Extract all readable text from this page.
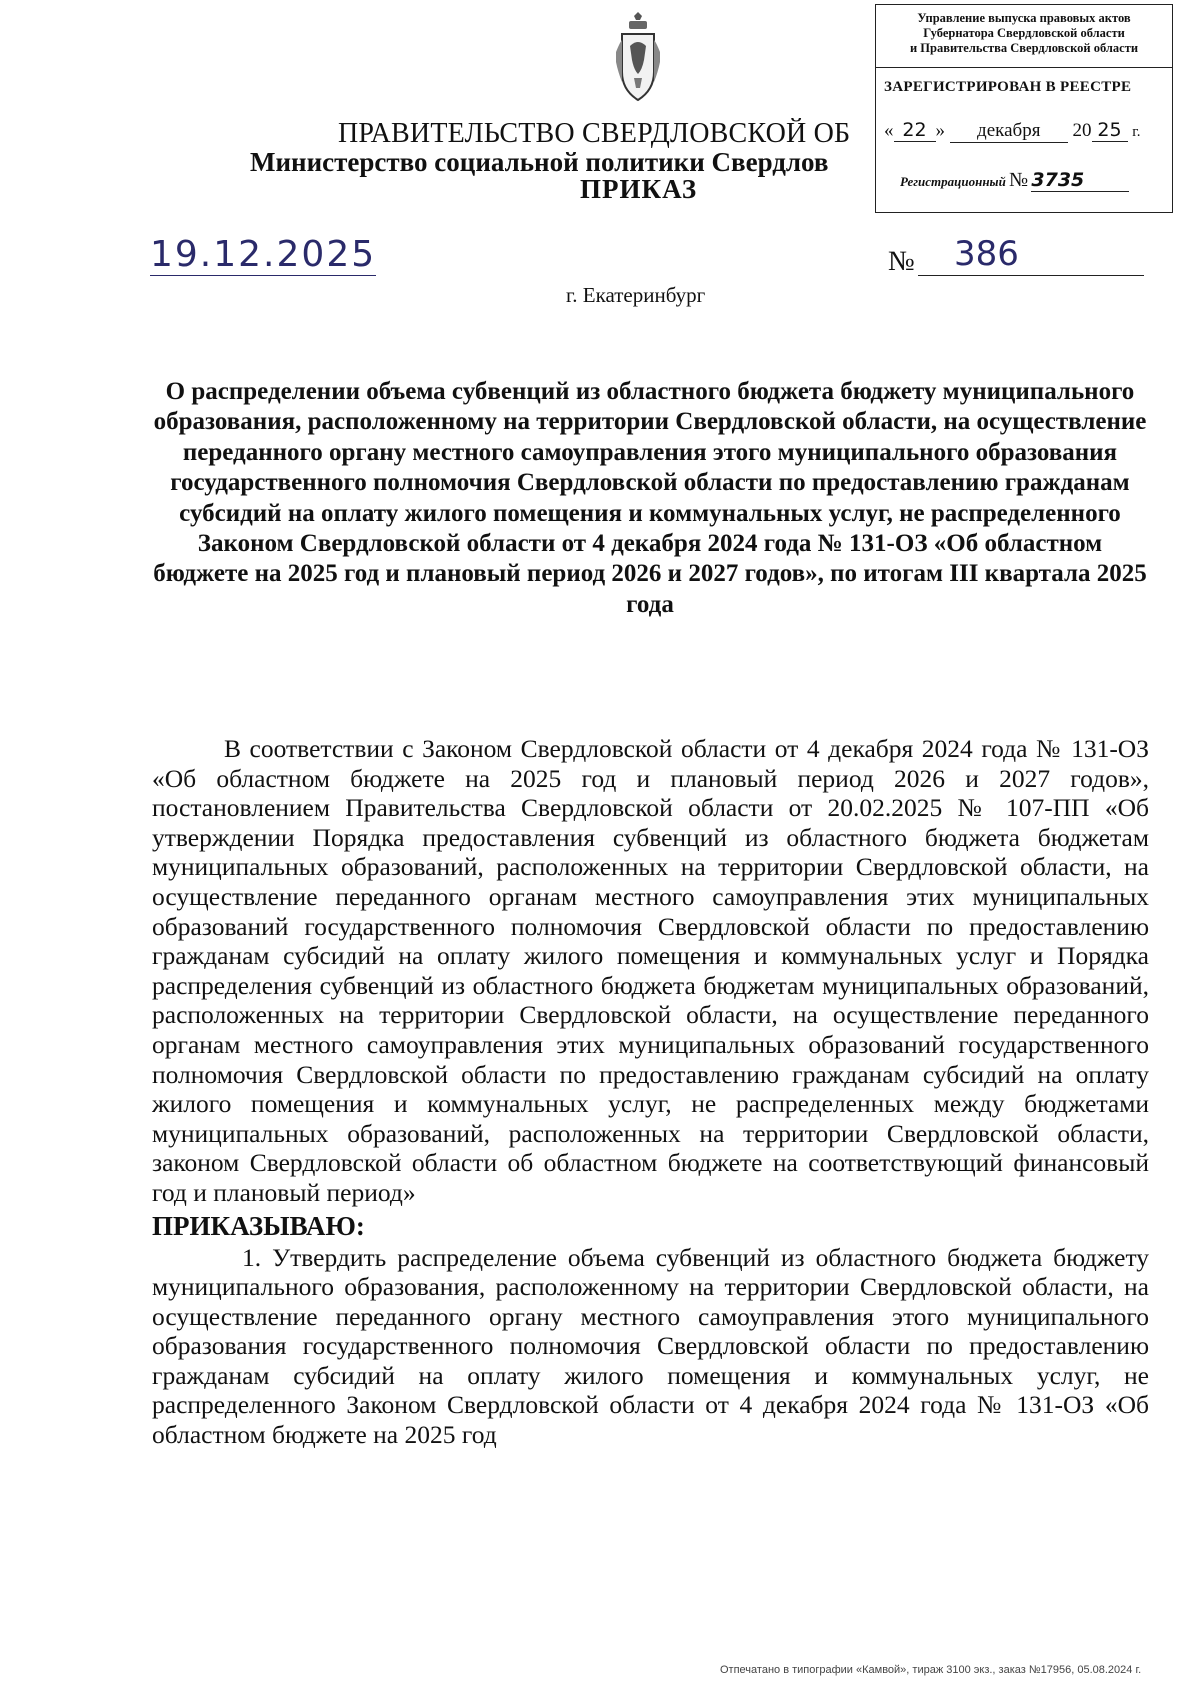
ПРАВИТЕЛЬСТВО СВЕРДЛОВСКОЙ ОБ
Министерство социальной политики Свердлов
ПРИКАЗ
Управление выпуска правовых актов
Губернатора Свердловской области
и Правительства Свердловской области
ЗАРЕГИСТРИРОВАН В РЕЕСТРЕ
« 22 » декабря 20 25 г.
Регистрационный № 3735
19.12.2025	№	386
г. Екатеринбург
О распределении объема субвенций из областного бюджета бюджету муниципального образования, расположенному на территории Свердловской области, на осуществление переданного органу местного самоуправления этого муниципального образования государственного полномочия Свердловской области по предоставлению гражданам субсидий на оплату жилого помещения и коммунальных услуг, не распределенного Законом Свердловской области от 4 декабря 2024 года № 131-ОЗ «Об областном бюджете на 2025 год и плановый период 2026 и 2027 годов», по итогам III квартала 2025 года

В соответствии с Законом Свердловской области от 4 декабря 2024 года № 131-ОЗ «Об областном бюджете на 2025 год и плановый период 2026 и 2027 годов», постановлением Правительства Свердловской области от 20.02.2025 № 107-ПП «Об утверждении Порядка предоставления субвенций из областного бюджета бюджетам муниципальных образований, расположенных на территории Свердловской области, на осуществление переданного органам местного самоуправления этих муниципальных образований государственного полномочия Свердловской области по предоставлению гражданам субсидий на оплату жилого помещения и коммунальных услуг и Порядка распределения субвенций из областного бюджета бюджетам муниципальных образований, расположенных на территории Свердловской области, на осуществление переданного органам местного самоуправления этих муниципальных образований государственного полномочия Свердловской области по предоставлению гражданам субсидий на оплату жилого помещения и коммунальных услуг, не распределенных между бюджетами муниципальных образований, расположенных на территории Свердловской области, законом Свердловской области об областном бюджете на соответствующий финансовый год и плановый период»

ПРИКАЗЫВАЮ:

1. Утвердить распределение объема субвенций из областного бюджета бюджету муниципального образования, расположенному на территории Свердловской области, на осуществление переданного органу местного самоуправления этого муниципального образования государственного полномочия Свердловской области по предоставлению гражданам субсидий на оплату жилого помещения и коммунальных услуг, не распределенного Законом Свердловской области от 4 декабря 2024 года № 131-ОЗ «Об областном бюджете на 2025 год

Отпечатано в типографии «Камвой», тираж 3100 экз., заказ №17956, 05.08.2024 г.
